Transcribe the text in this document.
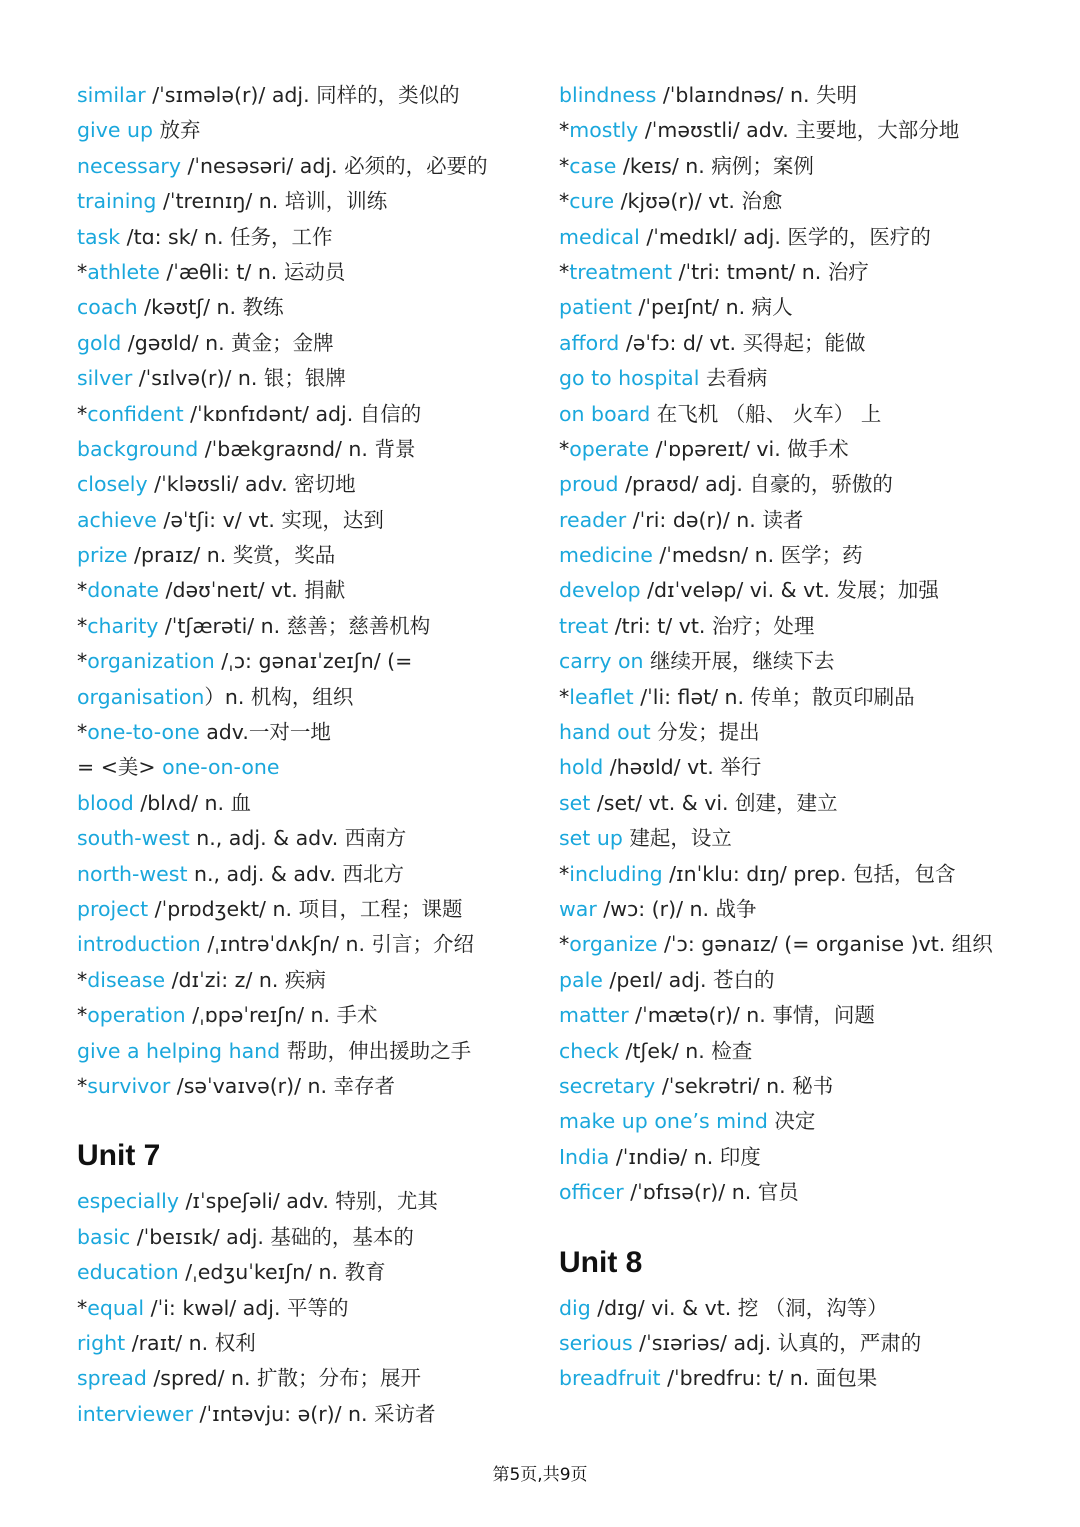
similar /ˈsɪmələ(r)/ adj. 同样的，类似的
give up 放弃
necessary /ˈnesəsəri/ adj. 必须的，必要的
training /ˈtreɪnɪŋ/ n. 培训，训练
task /tɑ: sk/ n. 任务，工作
*athlete /ˈæθli: t/ n. 运动员
coach /kəʊtʃ/ n. 教练
gold /gəʊld/ n. 黄金；金牌
silver /ˈsɪlvə(r)/ n. 银；银牌
*confident /ˈkɒnfɪdənt/ adj. 自信的
background /ˈbækgraʊnd/ n. 背景
closely /ˈkləʊsli/ adv. 密切地
achieve /əˈtʃi: v/ vt. 实现，达到
prize /praɪz/ n. 奖赏，奖品
*donate /dəʊˈneɪt/ vt. 捐献
*charity /ˈtʃærəti/ n. 慈善；慈善机构
*organization /ˌɔ: gənaɪˈzeɪʃn/ (=
organisation）n. 机构，组织
*one-to-one adv.一对一地
= <美> one-on-one
blood /blʌd/ n. 血
south-west n., adj. & adv. 西南方
north-west n., adj. & adv. 西北方
project /ˈprɒdʒekt/ n. 项目，工程；课题
introduction /ˌɪntrəˈdʌkʃn/ n. 引言；介绍
*disease /dɪˈzi: z/ n. 疾病
*operation /ˌɒpəˈreɪʃn/ n. 手术
give a helping hand 帮助，伸出援助之手
*survivor /səˈvaɪvə(r)/ n. 幸存者
Unit 7
especially /ɪˈspeʃəli/ adv. 特别，尤其
basic /ˈbeɪsɪk/ adj. 基础的，基本的
education /ˌedʒuˈkeɪʃn/ n. 教育
*equal /ˈi: kwəl/ adj. 平等的
right /raɪt/ n. 权利
spread /spred/ n. 扩散；分布；展开
interviewer /ˈɪntəvju: ə(r)/ n. 采访者
blindness /ˈblaɪndnəs/ n. 失明
*mostly /ˈməʊstli/ adv. 主要地，大部分地
*case /keɪs/ n. 病例；案例
*cure /kjʊə(r)/ vt. 治愈
medical /ˈmedɪkl/ adj. 医学的，医疗的
*treatment /ˈtri: tmənt/ n. 治疗
patient /ˈpeɪʃnt/ n. 病人
afford /əˈfɔ: d/ vt. 买得起；能做
go to hospital 去看病
on board 在飞机 （船、 火车） 上
*operate /ˈɒpəreɪt/ vi. 做手术
proud /praʊd/ adj. 自豪的，骄傲的
reader /ˈri: də(r)/ n. 读者
medicine /ˈmedsn/ n. 医学；药
develop /dɪˈveləp/ vi. & vt. 发展；加强
treat /tri: t/ vt. 治疗；处理
carry on 继续开展，继续下去
*leaflet /ˈli: flət/ n. 传单；散页印刷品
hand out 分发；提出
hold /həʊld/ vt. 举行
set /set/ vt. & vi. 创建，建立
set up 建起，设立
*including /ɪnˈklu: dɪŋ/ prep. 包括，包含
war /wɔ: (r)/ n. 战争
*organize /ˈɔ: gənaɪz/ (= organise )vt. 组织
pale /peɪl/ adj. 苍白的
matter /ˈmætə(r)/ n. 事情，问题
check /tʃek/ n. 检查
secretary /ˈsekrətri/ n. 秘书
make up one’s mind 决定
India /ˈɪndiə/ n. 印度
officer /ˈɒfɪsə(r)/ n. 官员
Unit 8
dig /dɪg/ vi. & vt. 挖 （洞，沟等）
serious /ˈsɪəriəs/ adj. 认真的，严肃的
breadfruit /ˈbredfru: t/ n. 面包果
第5页,共9页
